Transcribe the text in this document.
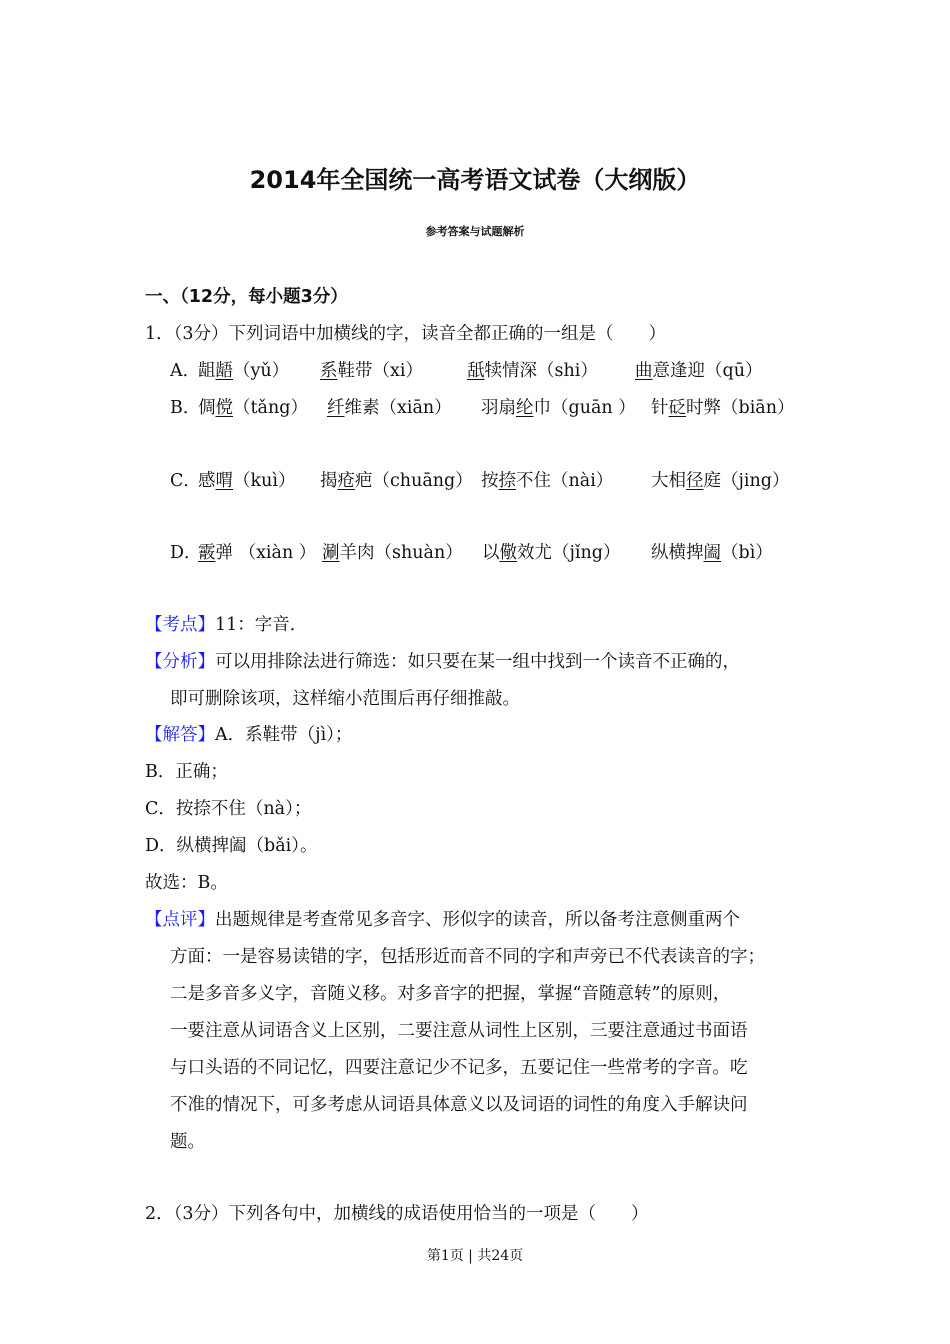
2014年全国统一高考语文试卷（大纲版）
参考答案与试题解析
一、（12分，每小题3分）
1．（3分）下列词语中加横线的字，读音全都正确的一组是（　　）
A．
龃龉（yǔ） 系鞋带（xi）	舐犊情深（shi） 曲意逢迎（qū）
B．
倜傥（tǎng） 纤维素（xiān） 羽扇纶巾（guān ） 针砭时弊（biān）
C．
感喟（kuì） 揭疮疤（chuāng） 按捺不住（nài） 大相径庭（jing）
D．
霰弹 （xiàn ） 涮羊肉（shuàn） 以儆效尤（jǐng） 纵横捭阖（bì）
【考点】11：字音．
【分析】可以用排除法进行筛选：如只要在某一组中找到一个读音不正确的，
即可删除该项，这样缩小范围后再仔细推敲。
【解答】A．系鞋带（jì）；
B．正确；
C．按捺不住（nà）；
D．纵横捭阖（bǎi）。
故选：B。
【点评】出题规律是考查常见多音字、形似字的读音，所以备考注意侧重两个
方面：一是容易读错的字，包括形近而音不同的字和声旁已不代表读音的字；
二是多音多义字，音随义移。对多音字的把握，掌握“音随意转”的原则，
一要注意从词语含义上区别，二要注意从词性上区别，三要注意通过书面语
与口头语的不同记忆，四要注意记少不记多，五要记住一些常考的字音。吃
不准的情况下，可多考虑从词语具体意义以及词语的词性的角度入手解诀问
题。
2．（3分）下列各句中，加横线的成语使用恰当的一项是（　　）
第1页 | 共24页
